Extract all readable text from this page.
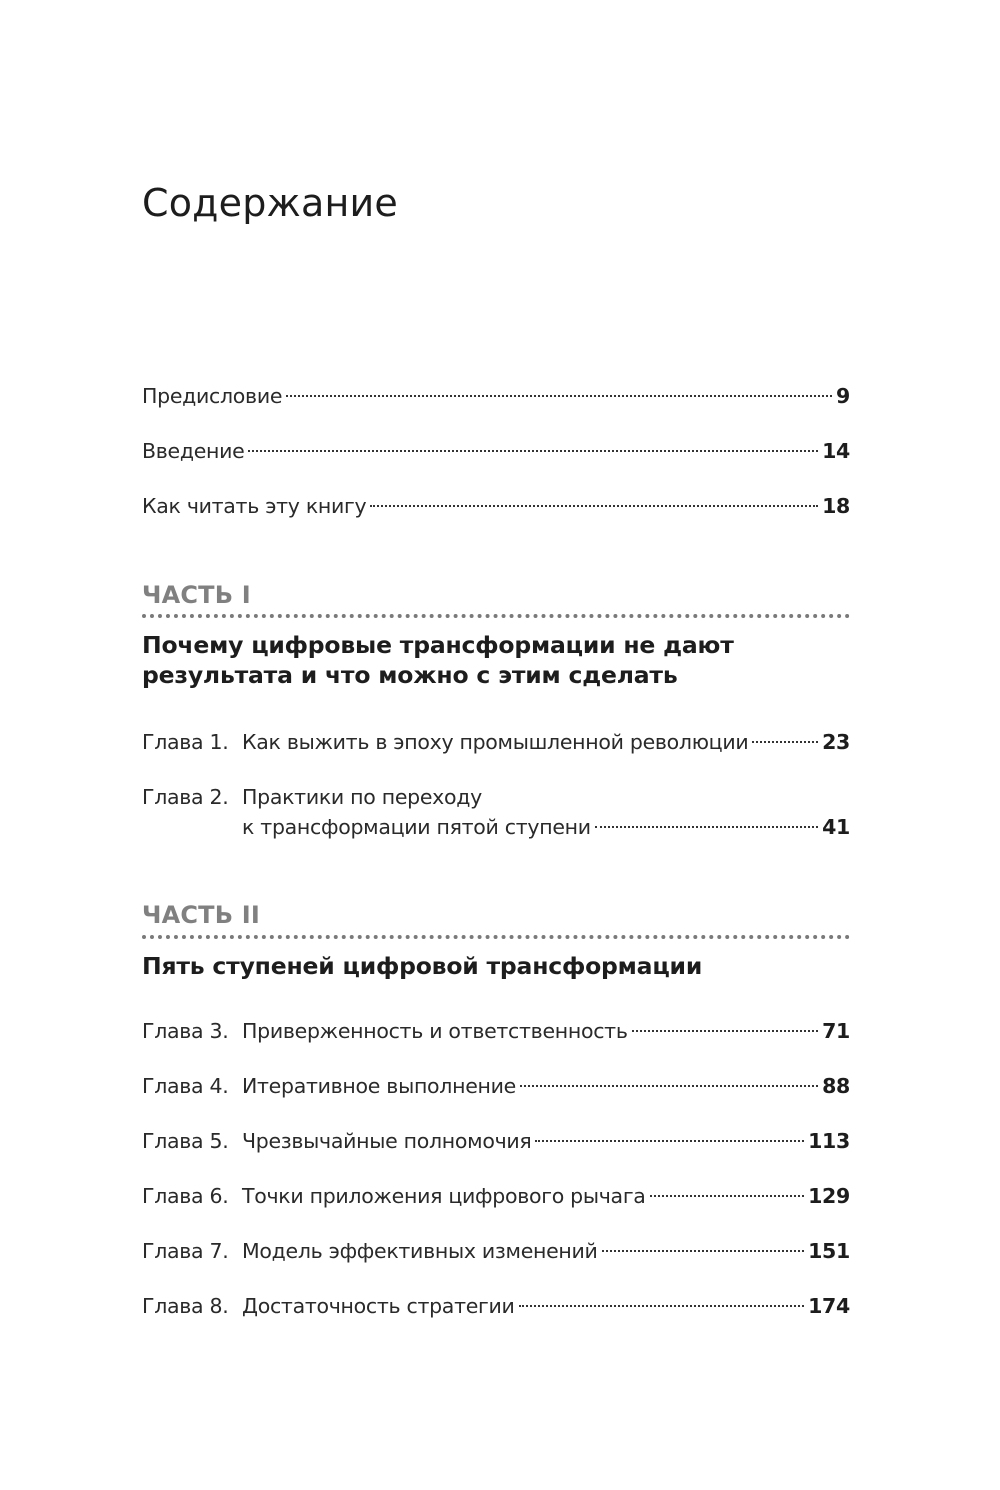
Содержание
Предисловие	9
Введение	14
Как читать эту книгу	18
ЧАСТЬ I
Почему цифровые трансформации не дают
результата и что можно с этим сделать
Глава 1. Как выжить в эпоху промышленной революции	23
Глава 2. Практики по переходу
к трансформации пятой ступени	41
ЧАСТЬ II
Пять ступеней цифровой трансформации
Глава 3. Приверженность и ответственность	71
Глава 4. Итеративное выполнение	88
Глава 5. Чрезвычайные полномочия	113
Глава 6. Точки приложения цифрового рычага	129
Глава 7. Модель эффективных изменений	151
Глава 8. Достаточность стратегии	174
